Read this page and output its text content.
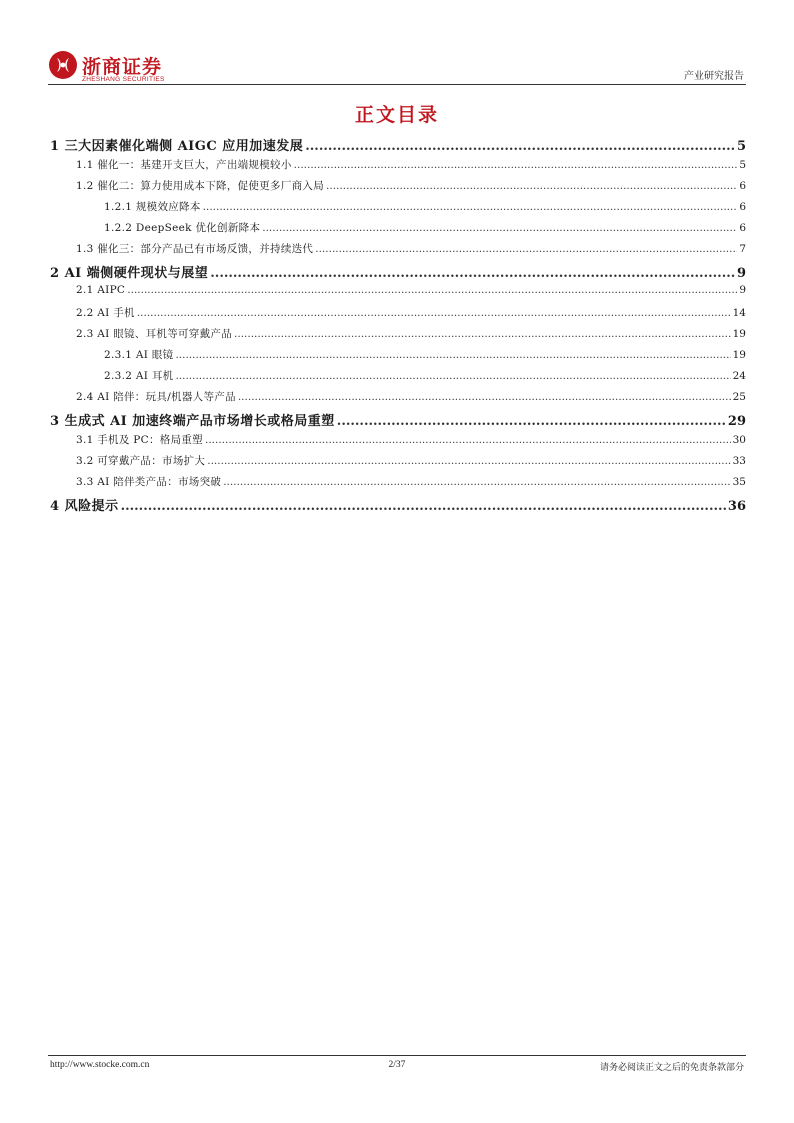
浙商证券
ZHESHANG SECURITIES	产业研究报告
正文目录
1 三大因素催化端侧 AIGC 应用加速发展 .....	5
1.1 催化一：基建开支巨大，产出端规模较小 .....	5
1.2 催化二：算力使用成本下降，促使更多厂商入局 .....	6
1.2.1 规模效应降本 .....	6
1.2.2 DeepSeek 优化创新降本 .....	6
1.3 催化三：部分产品已有市场反馈，并持续迭代 .....	7
2 AI 端侧硬件现状与展望 .....	9
2.1 AIPC .....	9
2.2 AI 手机 .....	14
2.3 AI 眼镜、耳机等可穿戴产品 .....	19
2.3.1 AI 眼镜 .....	19
2.3.2 AI 耳机 .....	24
2.4 AI 陪伴：玩具/机器人等产品 .....	25
3 生成式 AI 加速终端产品市场增长或格局重塑 .....	29
3.1 手机及 PC：格局重塑 .....	30
3.2 可穿戴产品：市场扩大 .....	33
3.3 AI 陪伴类产品：市场突破 .....	35
4 风险提示 .....	36
http://www.stocke.com.cn	2/37	请务必阅读正文之后的免责条款部分
